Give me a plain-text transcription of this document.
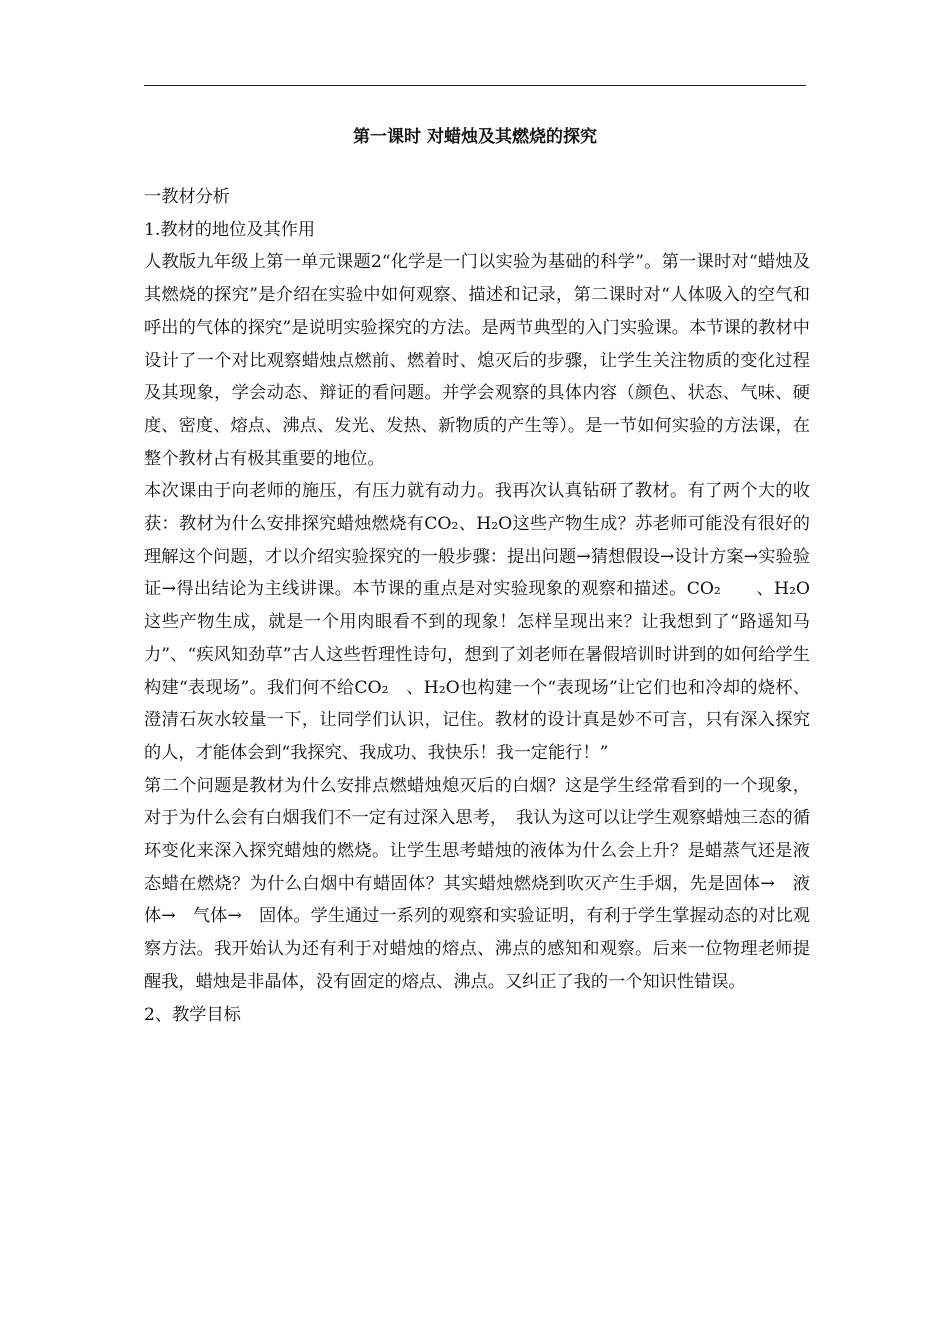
第一课时 对蜡烛及其燃烧的探究

一教材分析

1.教材的地位及其作用

人教版九年级上第一单元课题2“化学是一门以实验为基础的科学”。第一课时对“蜡烛及其燃烧的探究”是介绍在实验中如何观察、描述和记录，第二课时对“人体吸入的空气和呼出的气体的探究”是说明实验探究的方法。是两节典型的入门实验课。本节课的教材中设计了一个对比观察蜡烛点燃前、燃着时、熄灭后的步骤，让学生关注物质的变化过程及其现象，学会动态、辩证的看问题。并学会观察的具体内容（颜色、状态、气味、硬度、密度、熔点、沸点、发光、发热、新物质的产生等）。是一节如何实验的方法课，在整个教材占有极其重要的地位。

本次课由于向老师的施压，有压力就有动力。我再次认真钻研了教材。有了两个大的收获：教材为什么安排探究蜡烛燃烧有CO₂、H₂O这些产物生成？苏老师可能没有很好的理解这个问题，才以介绍实验探究的一般步骤：提出问题→猜想假设→设计方案→实验验证→得出结论为主线讲课。本节课的重点是对实验现象的观察和描述。CO₂　　、H₂O这些产物生成，就是一个用肉眼看不到的现象！怎样呈现出来？让我想到了“路遥知马力”、“疾风知劲草”古人这些哲理性诗句，想到了刘老师在暑假培训时讲到的如何给学生构建“表现场”。我们何不给CO₂　、H₂O也构建一个“表现场”让它们也和冷却的烧杯、澄清石灰水较量一下，让同学们认识，记住。教材的设计真是妙不可言，只有深入探究的人，才能体会到“我探究、我成功、我快乐！我一定能行！”

第二个问题是教材为什么安排点燃蜡烛熄灭后的白烟？这是学生经常看到的一个现象，对于为什么会有白烟我们不一定有过深入思考，　我认为这可以让学生观察蜡烛三态的循环变化来深入探究蜡烛的燃烧。让学生思考蜡烛的液体为什么会上升？是蜡蒸气还是液态蜡在燃烧？为什么白烟中有蜡固体？其实蜡烛燃烧到吹灭产生手烟，先是固体→　液体→　气体→　固体。学生通过一系列的观察和实验证明，有利于学生掌握动态的对比观察方法。我开始认为还有利于对蜡烛的熔点、沸点的感知和观察。后来一位物理老师提醒我，蜡烛是非晶体，没有固定的熔点、沸点。又纠正了我的一个知识性错误。

2、教学目标
